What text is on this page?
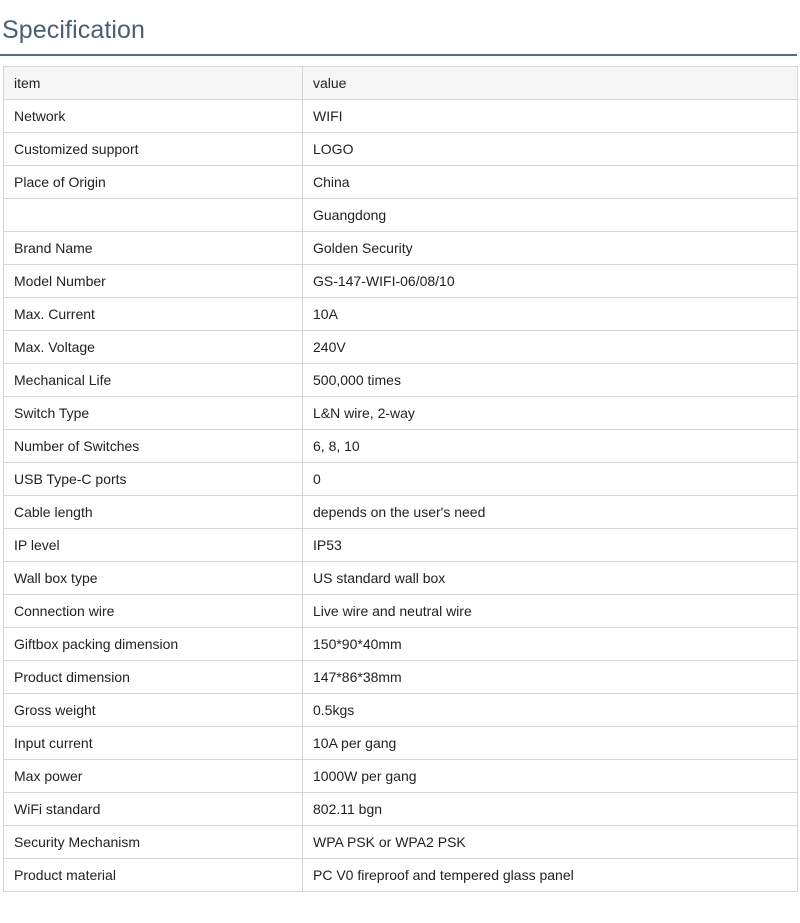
Specification
item	value
Network	WIFI
Customized support	LOGO
Place of Origin	China
	Guangdong
Brand Name	Golden Security
Model Number	GS-147-WIFI-06/08/10
Max. Current	10A
Max. Voltage	240V
Mechanical Life	500,000 times
Switch Type	L&N wire, 2-way
Number of Switches	6, 8, 10
USB Type-C ports	0
Cable length	depends on the user's need
IP level	IP53
Wall box type	US standard wall box
Connection wire	Live wire and neutral wire
Giftbox packing dimension	150*90*40mm
Product dimension	147*86*38mm
Gross weight	0.5kgs
Input current	10A per gang
Max power	1000W per gang
WiFi standard	802.11 bgn
Security Mechanism	WPA PSK or WPA2 PSK
Product material	PC V0 fireproof and tempered glass panel
